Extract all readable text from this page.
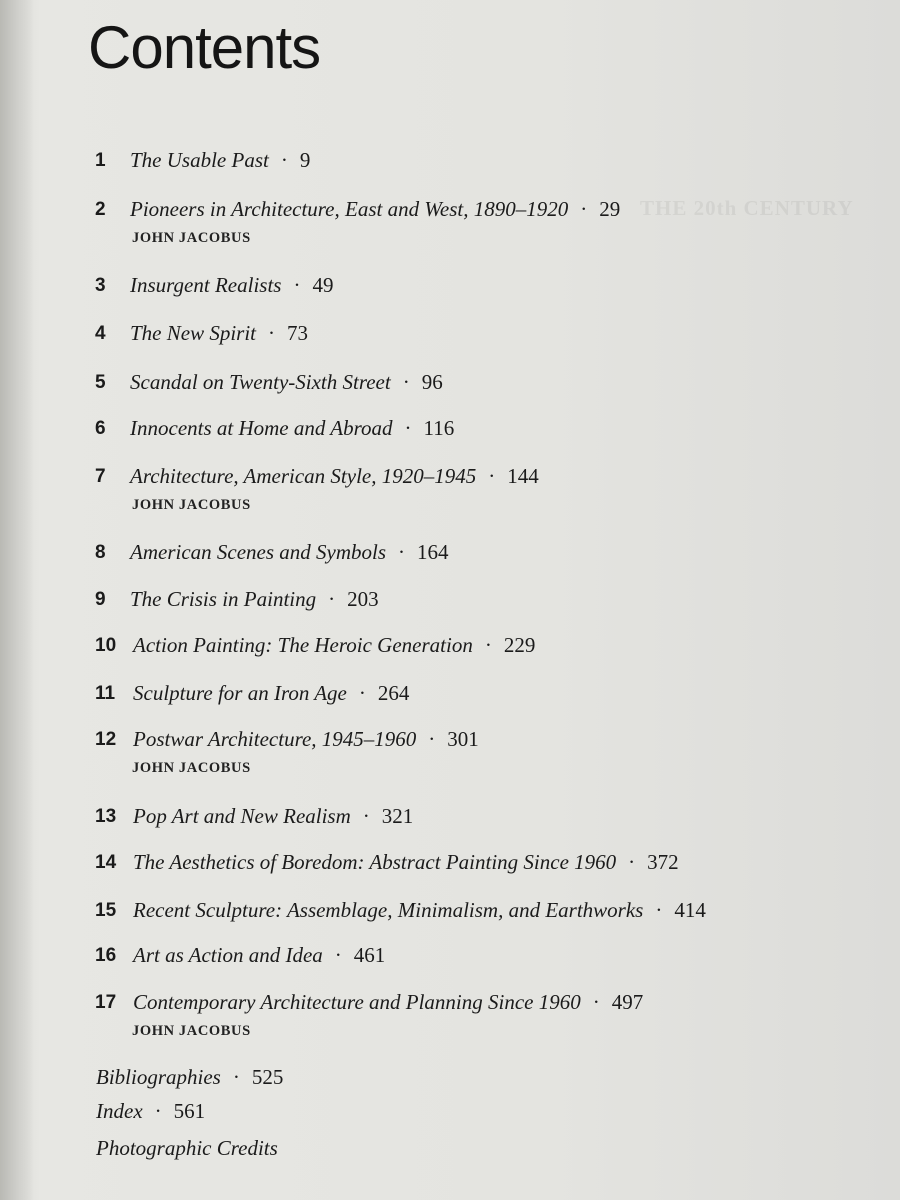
THE 20th CENTURY
Contents
1 The Usable Past · 9
2 Pioneers in Architecture, East and West, 1890–1920 · 29
JOHN JACOBUS
3 Insurgent Realists · 49
4 The New Spirit · 73
5 Scandal on Twenty-Sixth Street · 96
6 Innocents at Home and Abroad · 116
7 Architecture, American Style, 1920–1945 · 144
JOHN JACOBUS
8 American Scenes and Symbols · 164
9 The Crisis in Painting · 203
10 Action Painting: The Heroic Generation · 229
11 Sculpture for an Iron Age · 264
12 Postwar Architecture, 1945–1960 · 301
JOHN JACOBUS
13 Pop Art and New Realism · 321
14 The Aesthetics of Boredom: Abstract Painting Since 1960 · 372
15 Recent Sculpture: Assemblage, Minimalism, and Earthworks · 414
16 Art as Action and Idea · 461
17 Contemporary Architecture and Planning Since 1960 · 497
JOHN JACOBUS
Bibliographies · 525
Index · 561
Photographic Credits
